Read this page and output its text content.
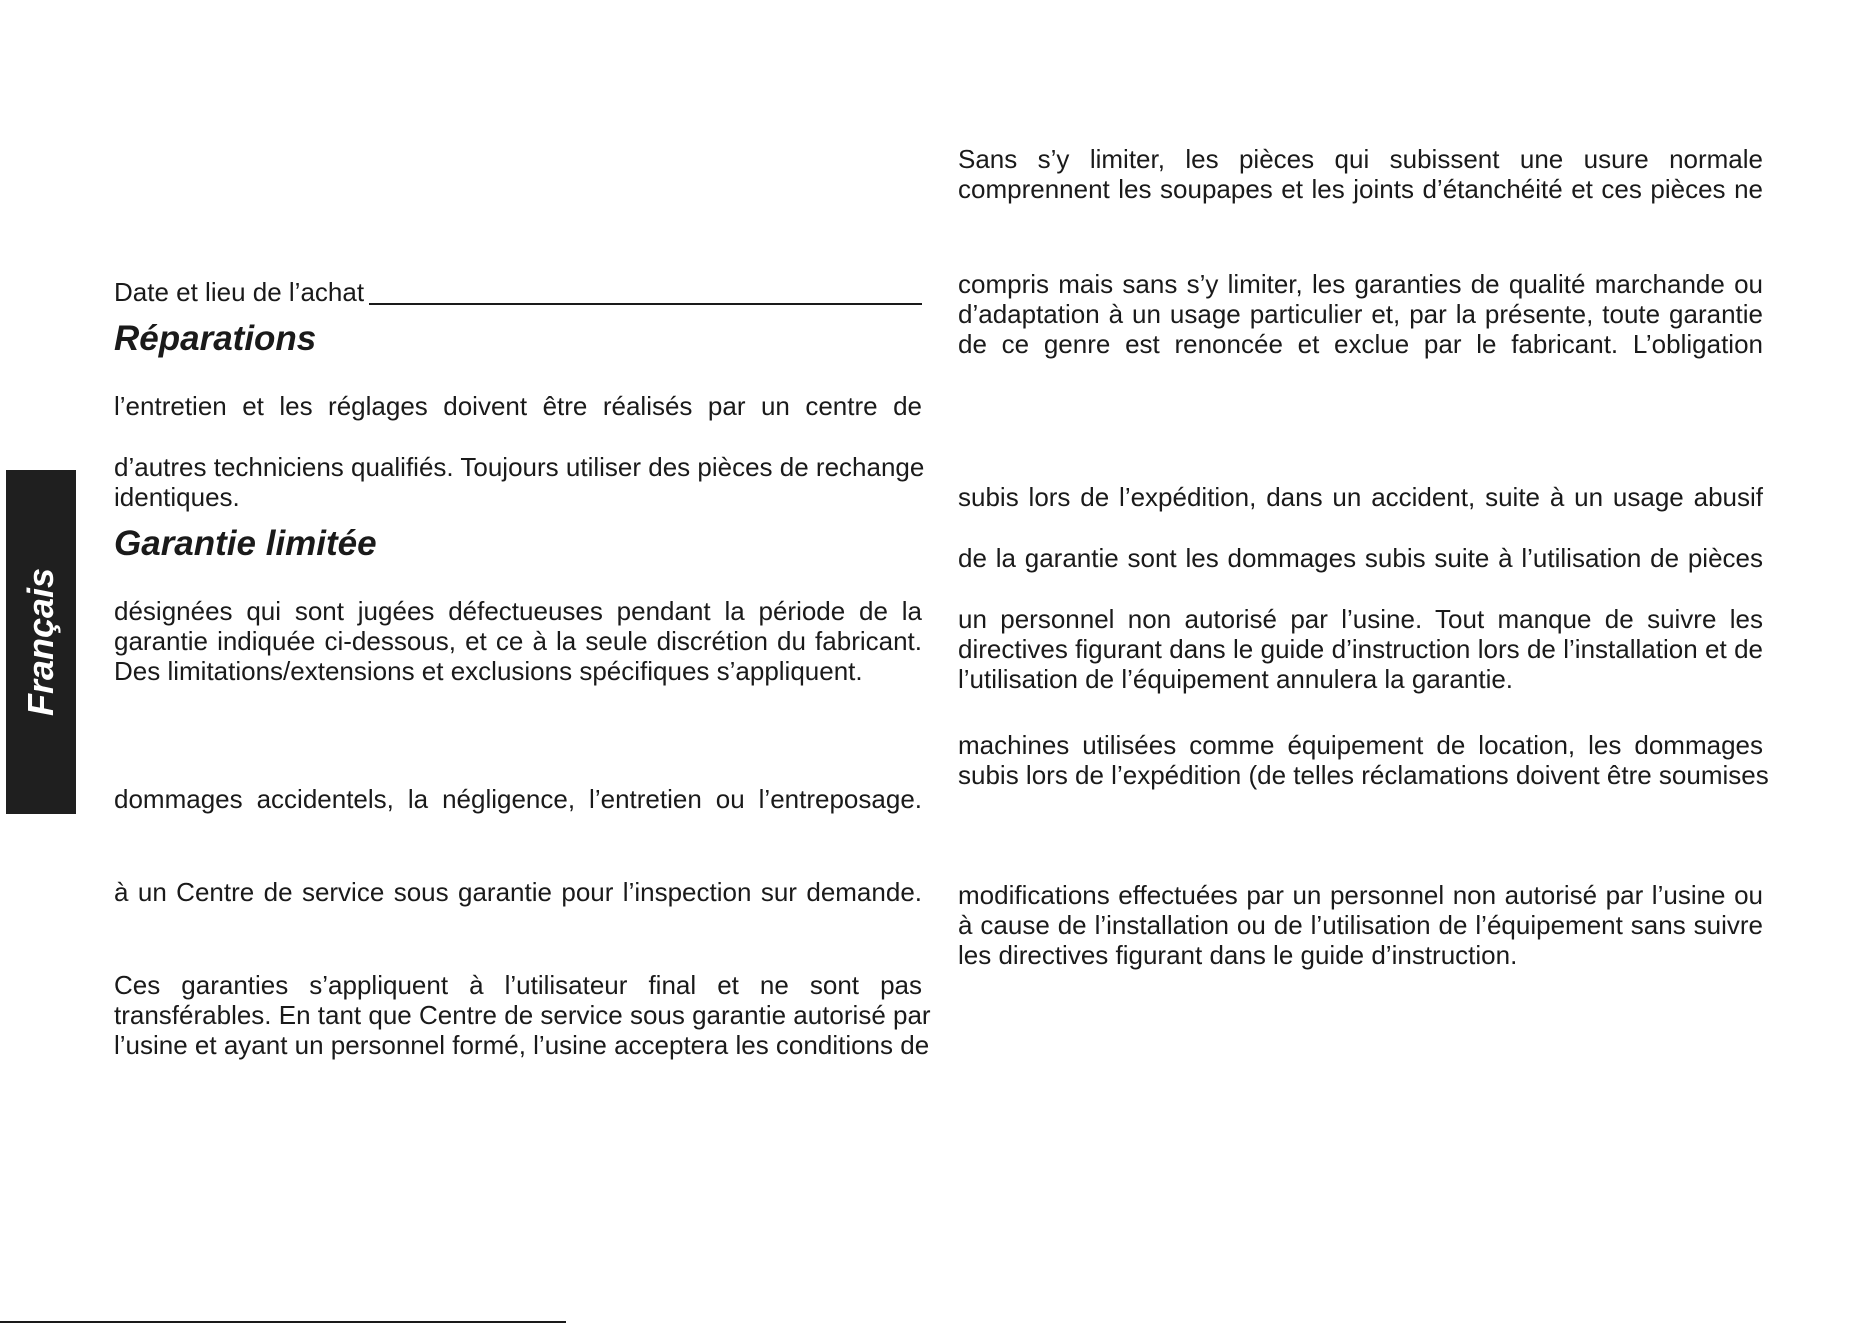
Français
Date et lieu de l’achat
Réparations
l’entretien et les réglages doivent être réalisés par un centre de
d’autres techniciens qualifiés. Toujours utiliser des pièces de rechange
identiques.
Garantie limitée
désignées qui sont jugées défectueuses pendant la période de la
garantie indiquée ci-dessous, et ce à la seule discrétion du fabricant.
Des limitations/extensions et exclusions spécifiques s’appliquent.
dommages accidentels, la négligence, l’entretien ou l’entreposage.
à un Centre de service sous garantie pour l’inspection sur demande.
Ces garanties s’appliquent à l’utilisateur final et ne sont pas
transférables. En tant que Centre de service sous garantie autorisé par
l’usine et ayant un personnel formé, l’usine acceptera les conditions de
Sans s’y limiter, les pièces qui subissent une usure normale
comprennent les soupapes et les joints d’étanchéité et ces pièces ne
compris mais sans s’y limiter, les garanties de qualité marchande ou
d’adaptation à un usage particulier et, par la présente, toute garantie
de ce genre est renoncée et exclue par le fabricant. L’obligation
subis lors de l’expédition, dans un accident, suite à un usage abusif
de la garantie sont les dommages subis suite à l’utilisation de pièces
un personnel non autorisé par l’usine. Tout manque de suivre les
directives figurant dans le guide d’instruction lors de l’installation et de
l’utilisation de l’équipement annulera la garantie.
machines utilisées comme équipement de location, les dommages
subis lors de l’expédition (de telles réclamations doivent être soumises
modifications effectuées par un personnel non autorisé par l’usine ou
à cause de l’installation ou de l’utilisation de l’équipement sans suivre
les directives figurant dans le guide d’instruction.
